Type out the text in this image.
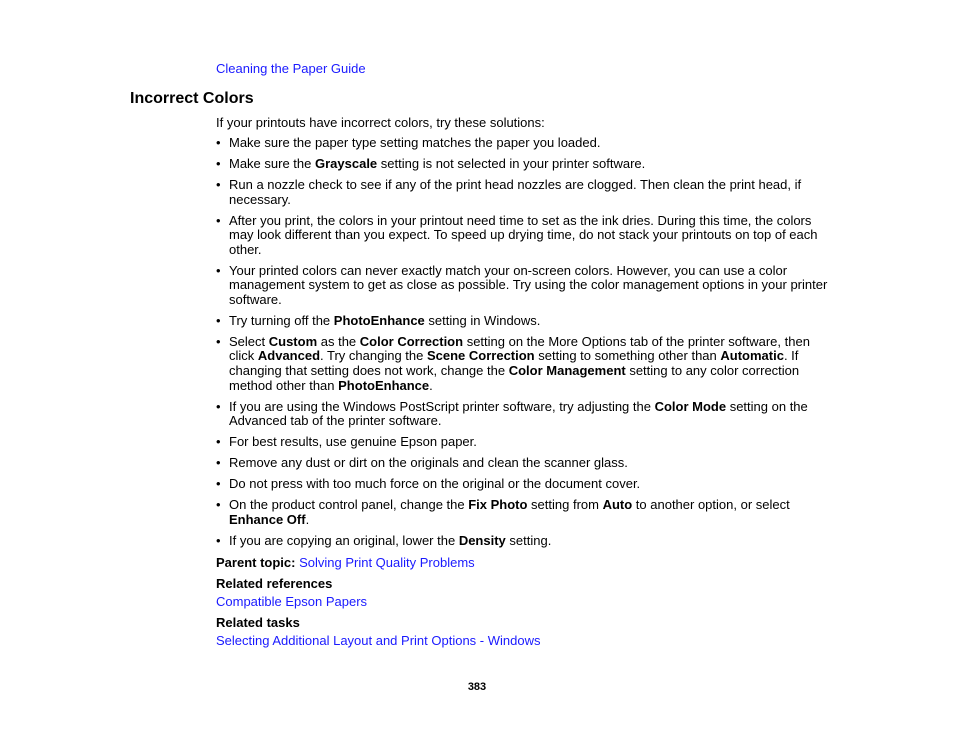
Cleaning the Paper Guide
Incorrect Colors

If your printouts have incorrect colors, try these solutions:

• Make sure the paper type setting matches the paper you loaded.
• Make sure the Grayscale setting is not selected in your printer software.
• Run a nozzle check to see if any of the print head nozzles are clogged. Then clean the print head, if necessary.
• After you print, the colors in your printout need time to set as the ink dries. During this time, the colors may look different than you expect. To speed up drying time, do not stack your printouts on top of each other.
• Your printed colors can never exactly match your on-screen colors. However, you can use a color management system to get as close as possible. Try using the color management options in your printer software.
• Try turning off the PhotoEnhance setting in Windows.
• Select Custom as the Color Correction setting on the More Options tab of the printer software, then click Advanced. Try changing the Scene Correction setting to something other than Automatic. If changing that setting does not work, change the Color Management setting to any color correction method other than PhotoEnhance.
• If you are using the Windows PostScript printer software, try adjusting the Color Mode setting on the Advanced tab of the printer software.
• For best results, use genuine Epson paper.
• Remove any dust or dirt on the originals and clean the scanner glass.
• Do not press with too much force on the original or the document cover.
• On the product control panel, change the Fix Photo setting from Auto to another option, or select Enhance Off.
• If you are copying an original, lower the Density setting.
Parent topic: Solving Print Quality Problems
Related references
Compatible Epson Papers
Related tasks
Selecting Additional Layout and Print Options - Windows
383
